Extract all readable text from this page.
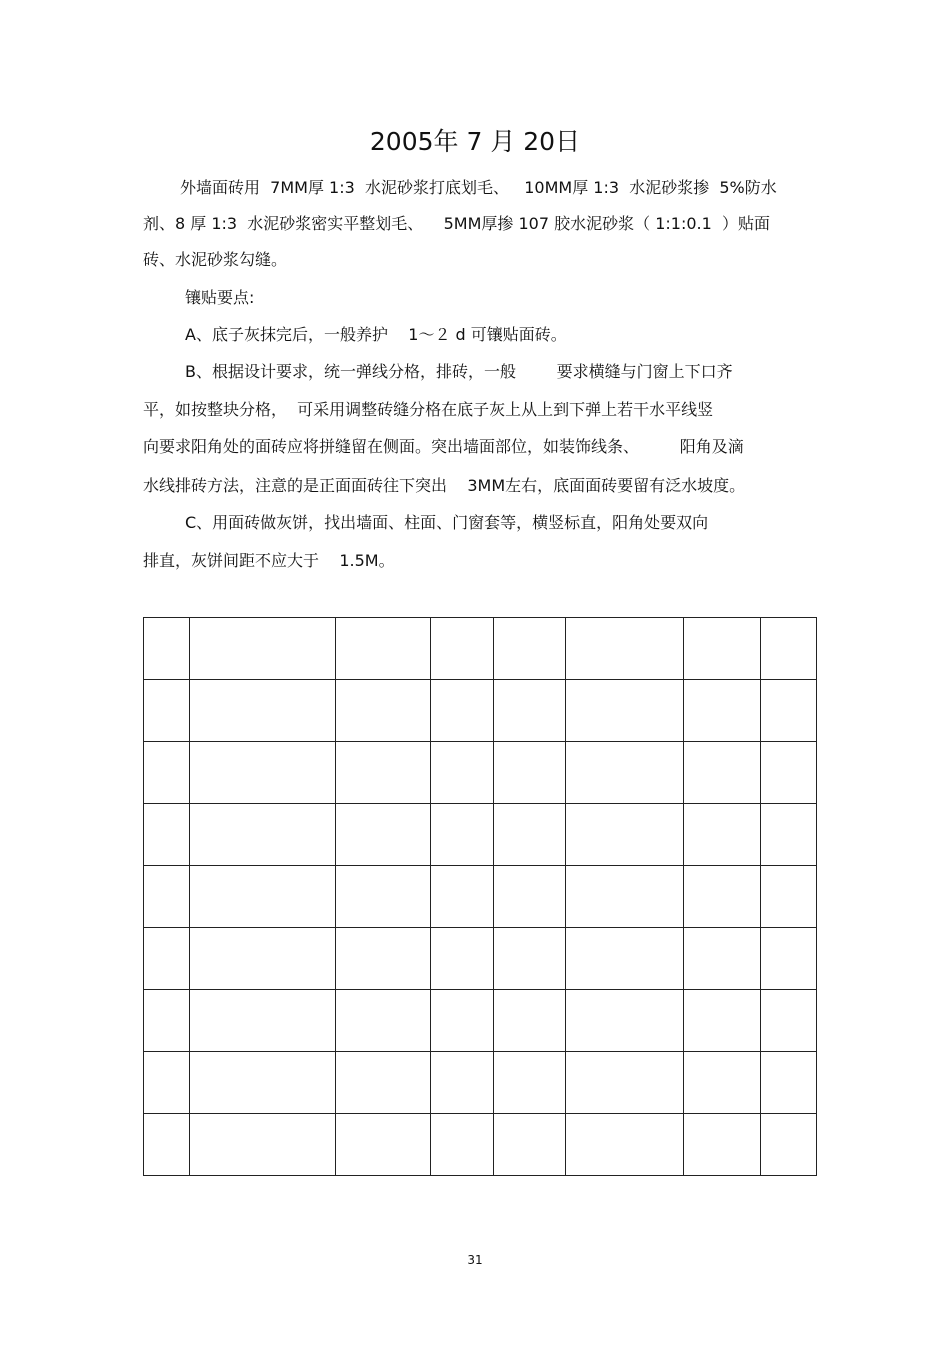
2005年 7 月 20日
外墙面砖用  7MM厚 1:3  水泥砂浆打底划毛、   10MM厚 1:3  水泥砂浆掺  5%防水
剂、8 厚 1:3  水泥砂浆密实平整划毛、    5MM厚掺 107 胶水泥砂浆（ 1:1:0.1  ）贴面
砖、水泥砂浆勾缝。
镶贴要点:
A、底子灰抹完后，一般养护    1～２ d 可镶贴面砖。
B、根据设计要求，统一弹线分格，排砖，一般        要求横缝与门窗上下口齐
平，如按整块分格，  可采用调整砖缝分格在底子灰上从上到下弹上若干水平线竖
向要求阳角处的面砖应将拼缝留在侧面。突出墙面部位，如装饰线条、        阳角及滴
水线排砖方法，注意的是正面面砖往下突出    3MM左右，底面面砖要留有泛水坡度。
C、用面砖做灰饼，找出墙面、柱面、门窗套等，横竖标直，阳角处要双向
排直，灰饼间距不应大于    1.5M。

31
